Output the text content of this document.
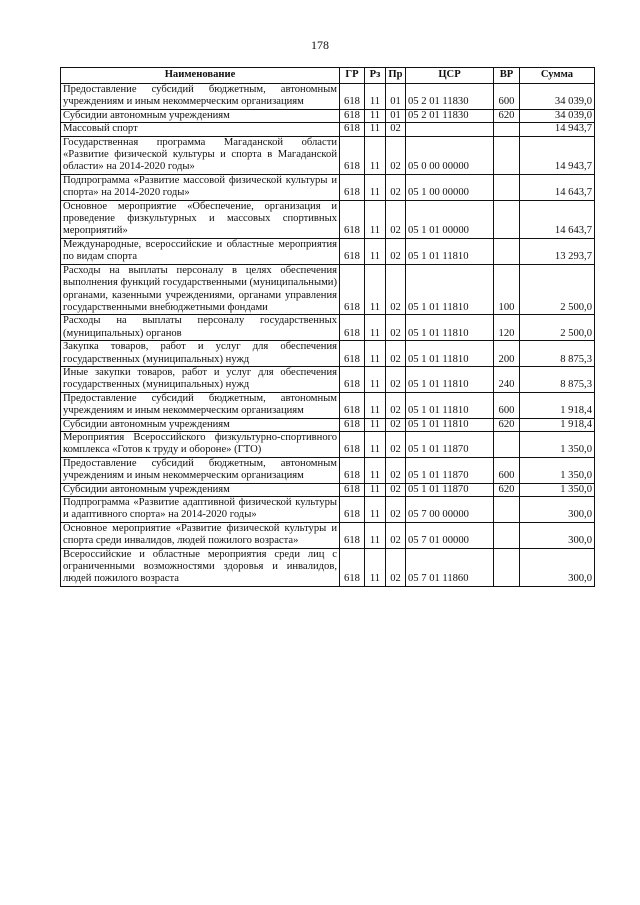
178
Наименование	ГР	Рз	Пр	ЦСР	ВР	Сумма
Предоставление субсидий бюджетным, автономным учреждениям и иным некоммерческим организациям	618	11	01	05 2 01 11830	600	34 039,0
Субсидии автономным учреждениям	618	11	01	05 2 01 11830	620	34 039,0
Массовый спорт	618	11	02			14 943,7
Государственная программа Магаданской области «Развитие физической культуры и спорта в Магаданской области» на 2014-2020 годы»	618	11	02	05 0 00 00000		14 943,7
Подпрограмма «Развитие массовой физической культуры и спорта» на 2014-2020 годы»	618	11	02	05 1 00 00000		14 643,7
Основное мероприятие «Обеспечение, организация и проведение физкультурных и массовых спортивных мероприятий»	618	11	02	05 1 01 00000		14 643,7
Международные, всероссийские и областные мероприятия по видам спорта	618	11	02	05 1 01 11810		13 293,7
Расходы на выплаты персоналу в целях обеспечения выполнения функций государственными (муниципальными) органами, казенными учреждениями, органами управления государственными внебюджетными фондами	618	11	02	05 1 01 11810	100	2 500,0
Расходы на выплаты персоналу государственных (муниципальных) органов	618	11	02	05 1 01 11810	120	2 500,0
Закупка товаров, работ и услуг для обеспечения государственных (муниципальных) нужд	618	11	02	05 1 01 11810	200	8 875,3
Иные закупки товаров, работ и услуг для обеспечения государственных (муниципальных) нужд	618	11	02	05 1 01 11810	240	8 875,3
Предоставление субсидий бюджетным, автономным учреждениям и иным некоммерческим организациям	618	11	02	05 1 01 11810	600	1 918,4
Субсидии автономным учреждениям	618	11	02	05 1 01 11810	620	1 918,4
Мероприятия Всероссийского физкультурно-спортивного комплекса «Готов к труду и обороне» (ГТО)	618	11	02	05 1 01 11870		1 350,0
Предоставление субсидий бюджетным, автономным учреждениям и иным некоммерческим организациям	618	11	02	05 1 01 11870	600	1 350,0
Субсидии автономным учреждениям	618	11	02	05 1 01 11870	620	1 350,0
Подпрограмма «Развитие адаптивной физической культуры и адаптивного спорта» на 2014-2020 годы»	618	11	02	05 7 00 00000		300,0
Основное мероприятие «Развитие физической культуры и спорта среди инвалидов, людей пожилого возраста»	618	11	02	05 7 01 00000		300,0
Всероссийские и областные мероприятия среди лиц с ограниченными возможностями здоровья и инвалидов, людей пожилого возраста	618	11	02	05 7 01 11860		300,0
